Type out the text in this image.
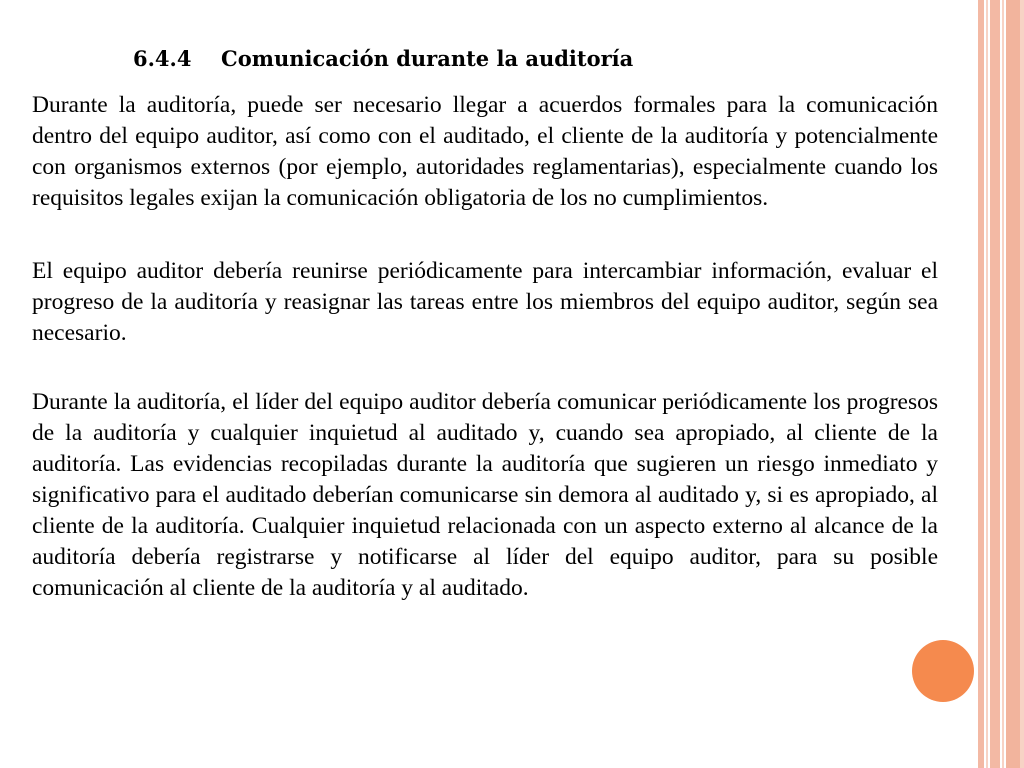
6.4.4 Comunicación durante la auditoría

Durante la auditoría, puede ser necesario llegar a acuerdos formales para la comunicación dentro del equipo auditor, así como con el auditado, el cliente de la auditoría y potencialmente con organismos externos (por ejemplo, autoridades reglamentarias), especialmente cuando los requisitos legales exijan la comunicación obligatoria de los no cumplimientos.

El equipo auditor debería reunirse periódicamente para intercambiar información, evaluar el progreso de la auditoría y reasignar las tareas entre los miembros del equipo auditor, según sea necesario.

Durante la auditoría, el líder del equipo auditor debería comunicar periódicamente los progresos de la auditoría y cualquier inquietud al auditado y, cuando sea apropiado, al cliente de la auditoría. Las evidencias recopiladas durante la auditoría que sugieren un riesgo inmediato y significativo para el auditado deberían comunicarse sin demora al auditado y, si es apropiado, al cliente de la auditoría. Cualquier inquietud relacionada con un aspecto externo al alcance de la auditoría debería registrarse y notificarse al líder del equipo auditor, para su posible comunicación al cliente de la auditoría y al auditado.
